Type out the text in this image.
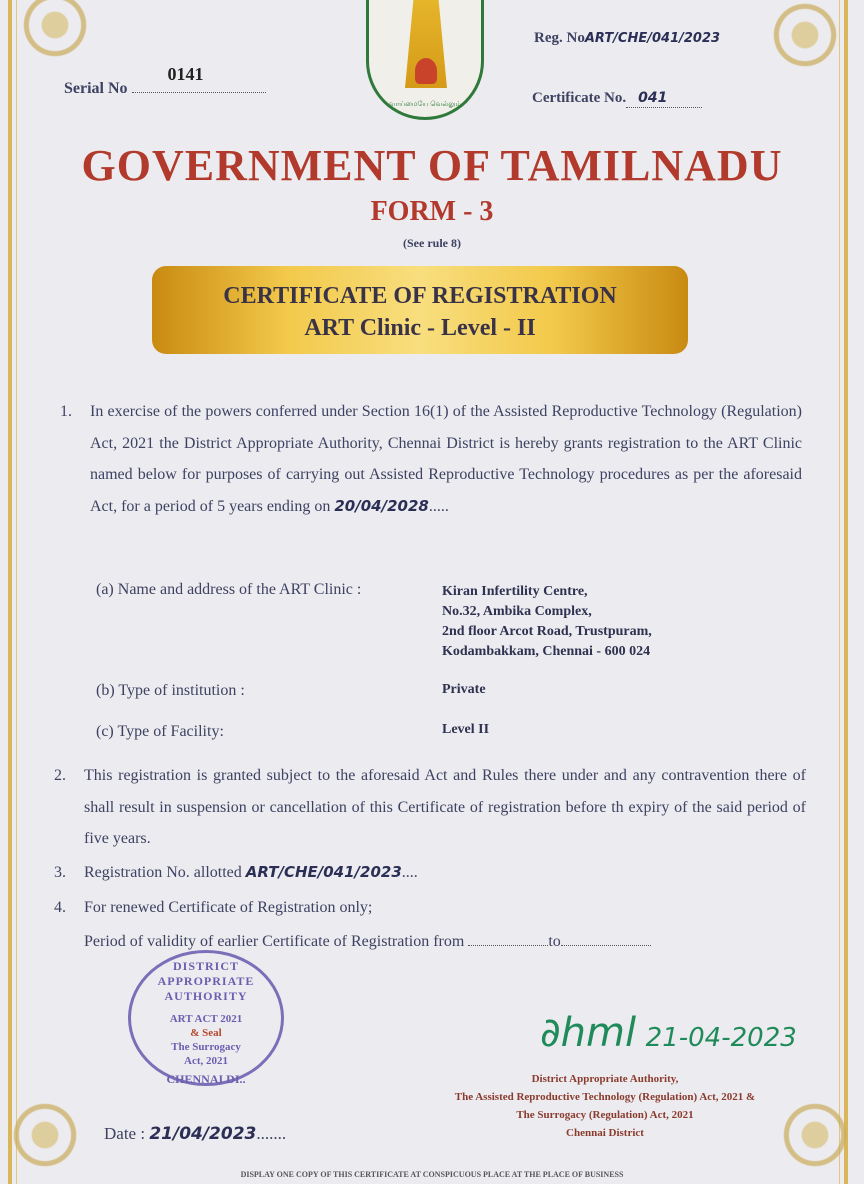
Serial No
0141
வாய்மையே வெல்லும்
Reg. NoART/CHE/041/2023
Certificate No. 041
GOVERNMENT OF TAMILNADU
FORM - 3
(See rule 8)
CERTIFICATE OF REGISTRATION
ART Clinic - Level - II
1.	In exercise of the powers conferred under Section 16(1) of the Assisted Reproductive Technology (Regulation) Act, 2021 the District Appropriate Authority, Chennai District is hereby grants registration to the ART Clinic named below for purposes of carrying out Assisted Reproductive Technology procedures as per the aforesaid Act, for a period of 5 years ending on 20/04/2028.....
(a) Name and address of the ART Clinic :	Kiran Infertility Centre,
No.32, Ambika Complex,
2nd floor Arcot Road, Trustpuram,
Kodambakkam, Chennai - 600 024
(b) Type of institution :	Private
(c) Type of Facility:	Level II
2. This registration is granted subject to the aforesaid Act and Rules there under and any contravention there of shall result in suspension or cancellation of this Certificate of registration before th expiry of the said period of five years.
3. Registration No. allotted ART/CHE/041/2023....
4. For renewed Certificate of Registration only;
Period of validity of earlier Certificate of Registration from	to
DISTRICT APPROPRIATE AUTHORITY
ART ACT 2021
& Seal
The Surrogacy
Act, 2021
CHENNAI DI..
∂hml 21-04-2023
District Appropriate Authority,
The Assisted Reproductive Technology (Regulation) Act, 2021 &
The Surrogacy (Regulation) Act, 2021
Chennai District
Date : 21/04/2023.......
DISPLAY ONE COPY OF THIS CERTIFICATE AT CONSPICUOUS PLACE AT THE PLACE OF BUSINESS
